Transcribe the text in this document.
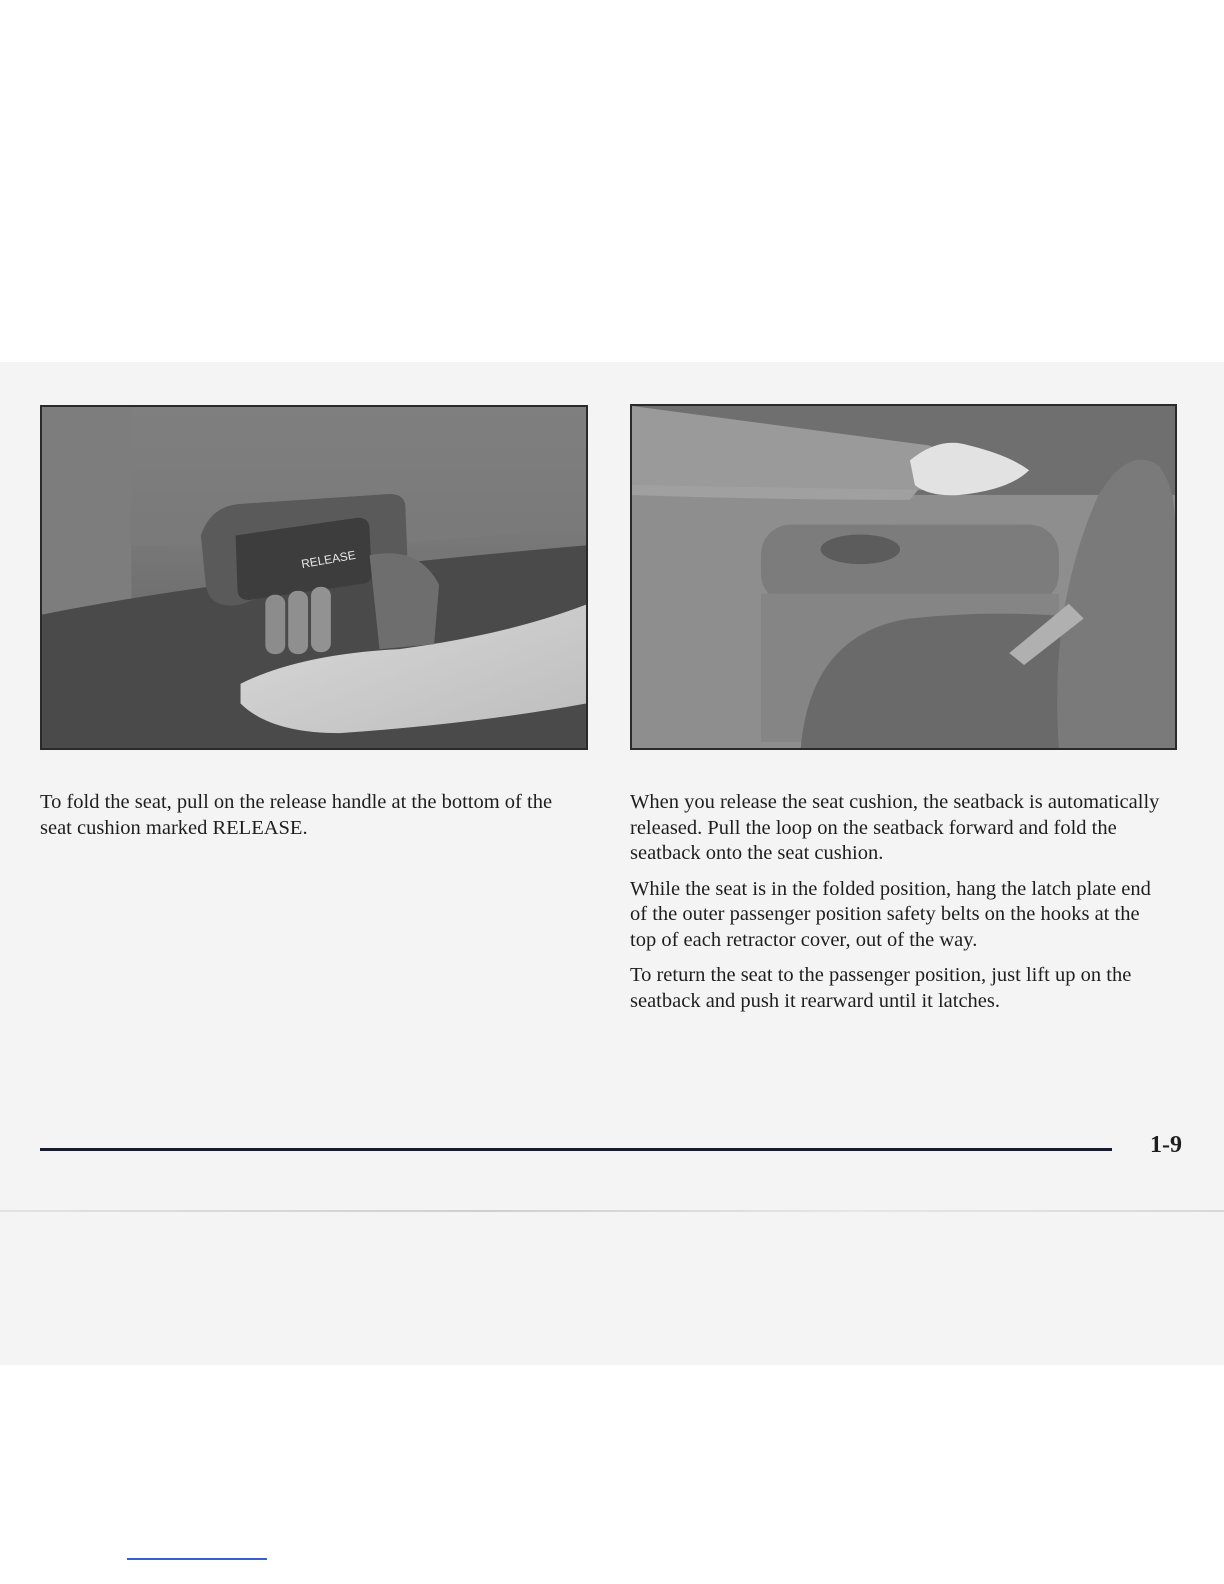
RELEASE

To fold the seat, pull on the release handle at the bottom of the seat cushion marked RELEASE.

When you release the seat cushion, the seatback is automatically released. Pull the loop on the seatback forward and fold the seatback onto the seat cushion.

While the seat is in the folded position, hang the latch plate end of the outer passenger position safety belts on the hooks at the top of each retractor cover, out of the way.

To return the seat to the passenger position, just lift up on the seatback and push it rearward until it latches.

1-9
